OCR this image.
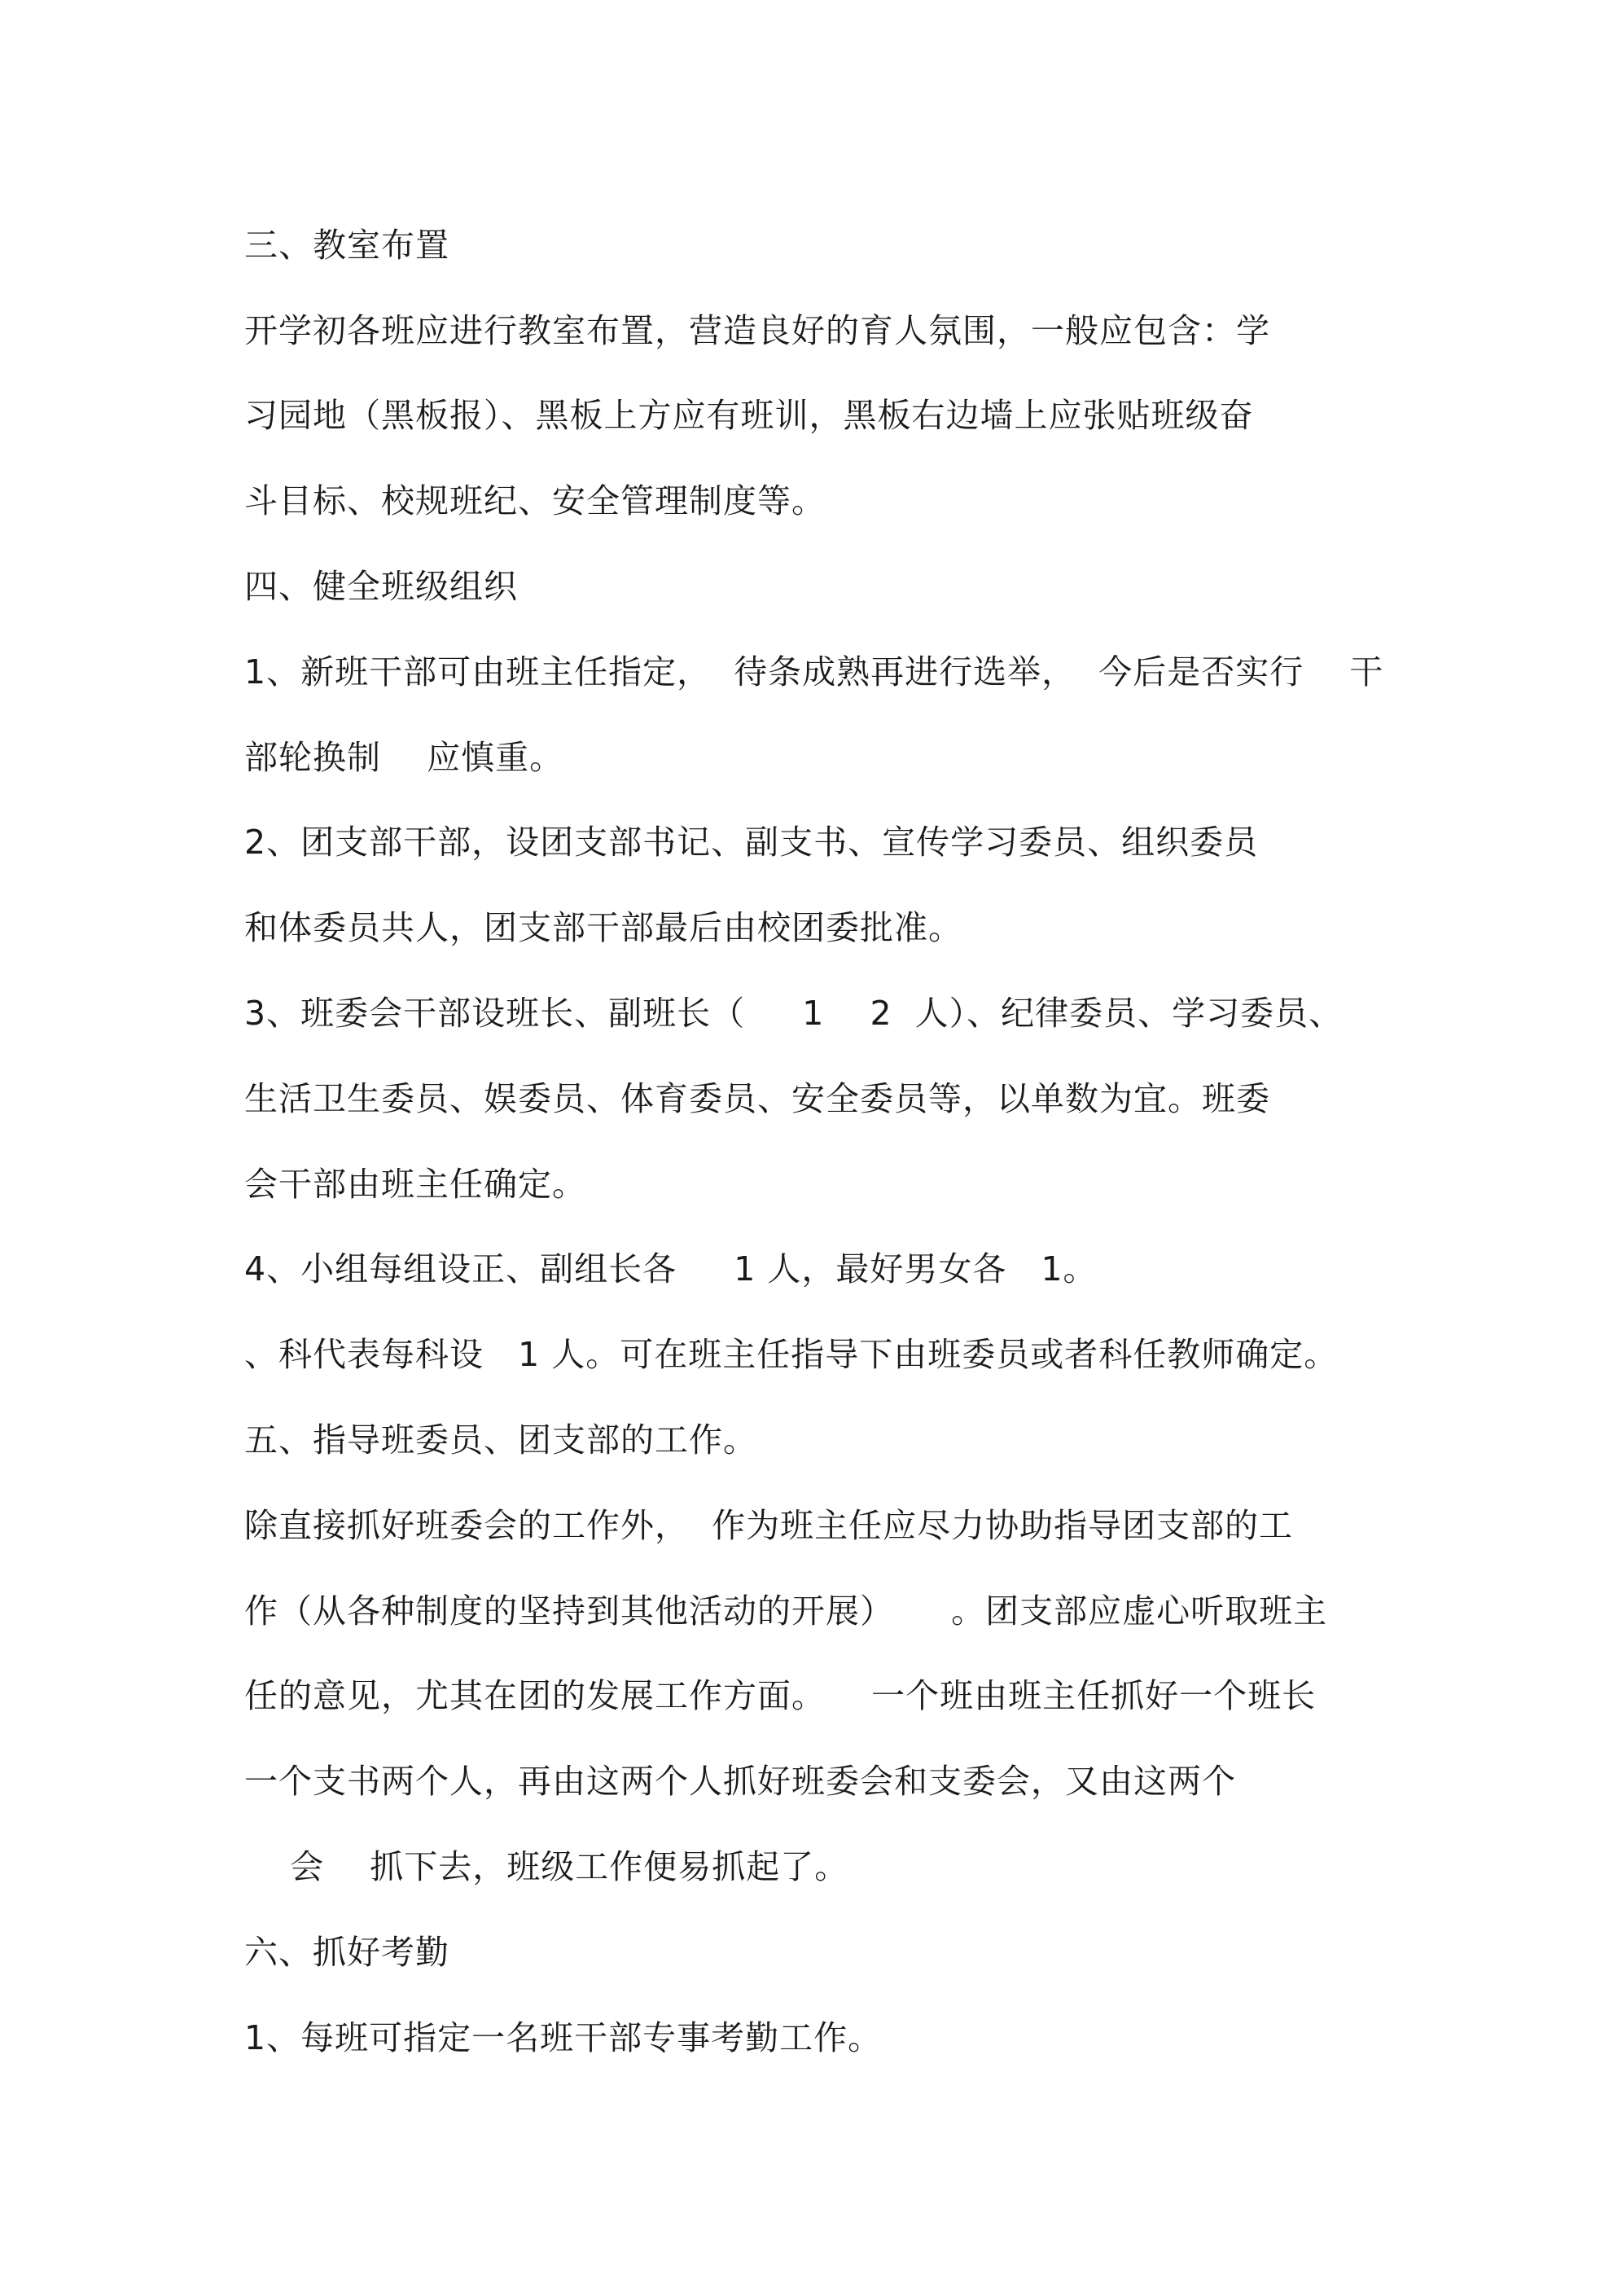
三、教室布置

开学初各班应进行教室布置，营造良好的育人氛围，一般应包含：学

习园地（黑板报）、黑板上方应有班训，黑板右边墙上应张贴班级奋

斗目标、校规班纪、安全管理制度等。

四、健全班级组织

1、新班干部可由班主任指定，  待条成熟再进行选举，  今后是否实行    干

部轮换制    应慎重。

2、团支部干部，设团支部书记、副支书、宣传学习委员、组织委员

和体委员共人，团支部干部最后由校团委批准。

3、班委会干部设班长、副班长（     1    2  人）、纪律委员、学习委员、

生活卫生委员、娱委员、体育委员、安全委员等，以单数为宜。班委

会干部由班主任确定。

4、小组每组设正、副组长各     1 人，最好男女各   1。

、科代表每科设   1 人。可在班主任指导下由班委员或者科任教师确定。

五、指导班委员、团支部的工作。

除直接抓好班委会的工作外，  作为班主任应尽力协助指导团支部的工

作（从各种制度的坚持到其他活动的开展）     。团支部应虚心听取班主

任的意见，尤其在团的发展工作方面。    一个班由班主任抓好一个班长

一个支书两个人，再由这两个人抓好班委会和支委会，又由这两个

会    抓下去，班级工作便易抓起了。

六、抓好考勤

1、每班可指定一名班干部专事考勤工作。
